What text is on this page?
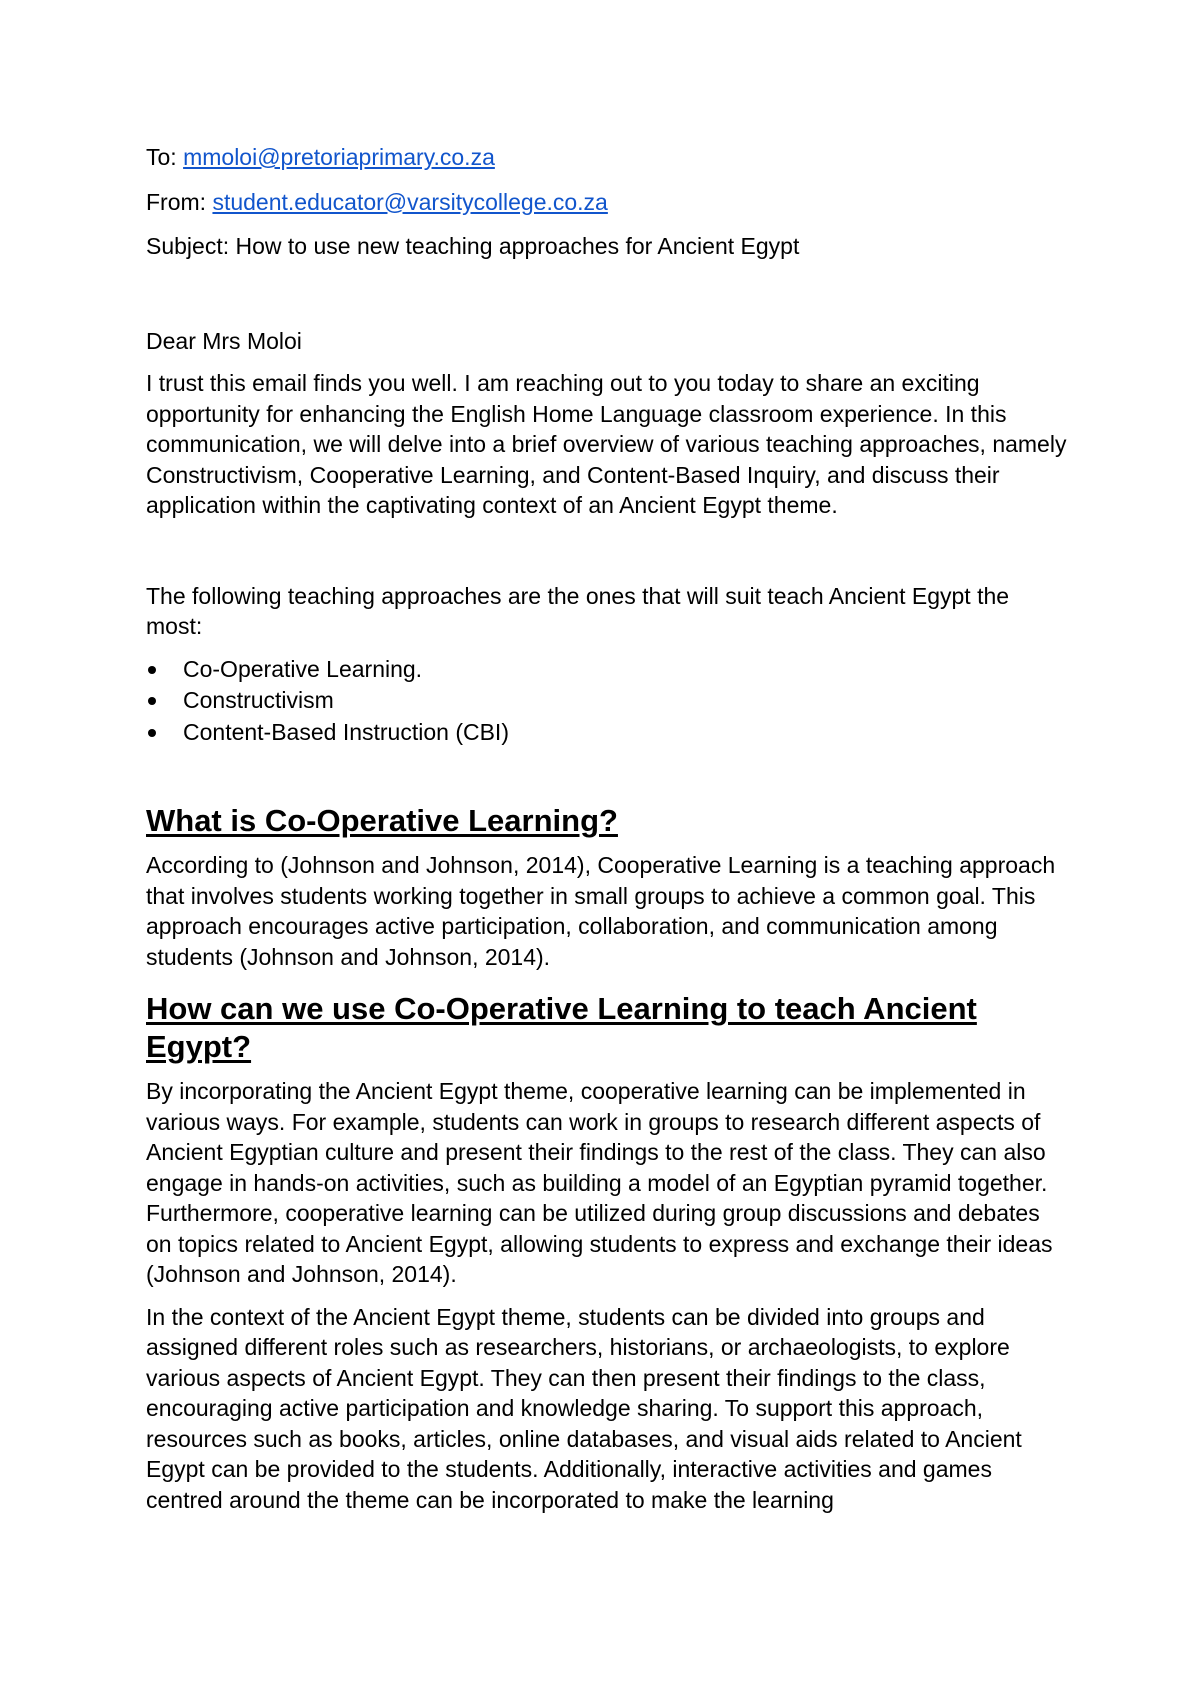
To: mmoloi@pretoriaprimary.co.za
From: student.educator@varsitycollege.co.za
Subject: How to use new teaching approaches for Ancient Egypt

Dear Mrs Moloi

I trust this email finds you well. I am reaching out to you today to share an exciting opportunity for enhancing the English Home Language classroom experience. In this communication, we will delve into a brief overview of various teaching approaches, namely Constructivism, Cooperative Learning, and Content-Based Inquiry, and discuss their application within the captivating context of an Ancient Egypt theme.

The following teaching approaches are the ones that will suit teach Ancient Egypt the most:

Co-Operative Learning.
Constructivism
Content-Based Instruction (CBI)
What is Co-Operative Learning?

According to (Johnson and Johnson, 2014), Cooperative Learning is a teaching approach that involves students working together in small groups to achieve a common goal. This approach encourages active participation, collaboration, and communication among students (Johnson and Johnson, 2014).

How can we use Co-Operative Learning to teach Ancient Egypt?

By incorporating the Ancient Egypt theme, cooperative learning can be implemented in various ways. For example, students can work in groups to research different aspects of Ancient Egyptian culture and present their findings to the rest of the class. They can also engage in hands-on activities, such as building a model of an Egyptian pyramid together. Furthermore, cooperative learning can be utilized during group discussions and debates on topics related to Ancient Egypt, allowing students to express and exchange their ideas (Johnson and Johnson, 2014).

In the context of the Ancient Egypt theme, students can be divided into groups and assigned different roles such as researchers, historians, or archaeologists, to explore various aspects of Ancient Egypt. They can then present their findings to the class, encouraging active participation and knowledge sharing. To support this approach, resources such as books, articles, online databases, and visual aids related to Ancient Egypt can be provided to the students. Additionally, interactive activities and games centred around the theme can be incorporated to make the learning
